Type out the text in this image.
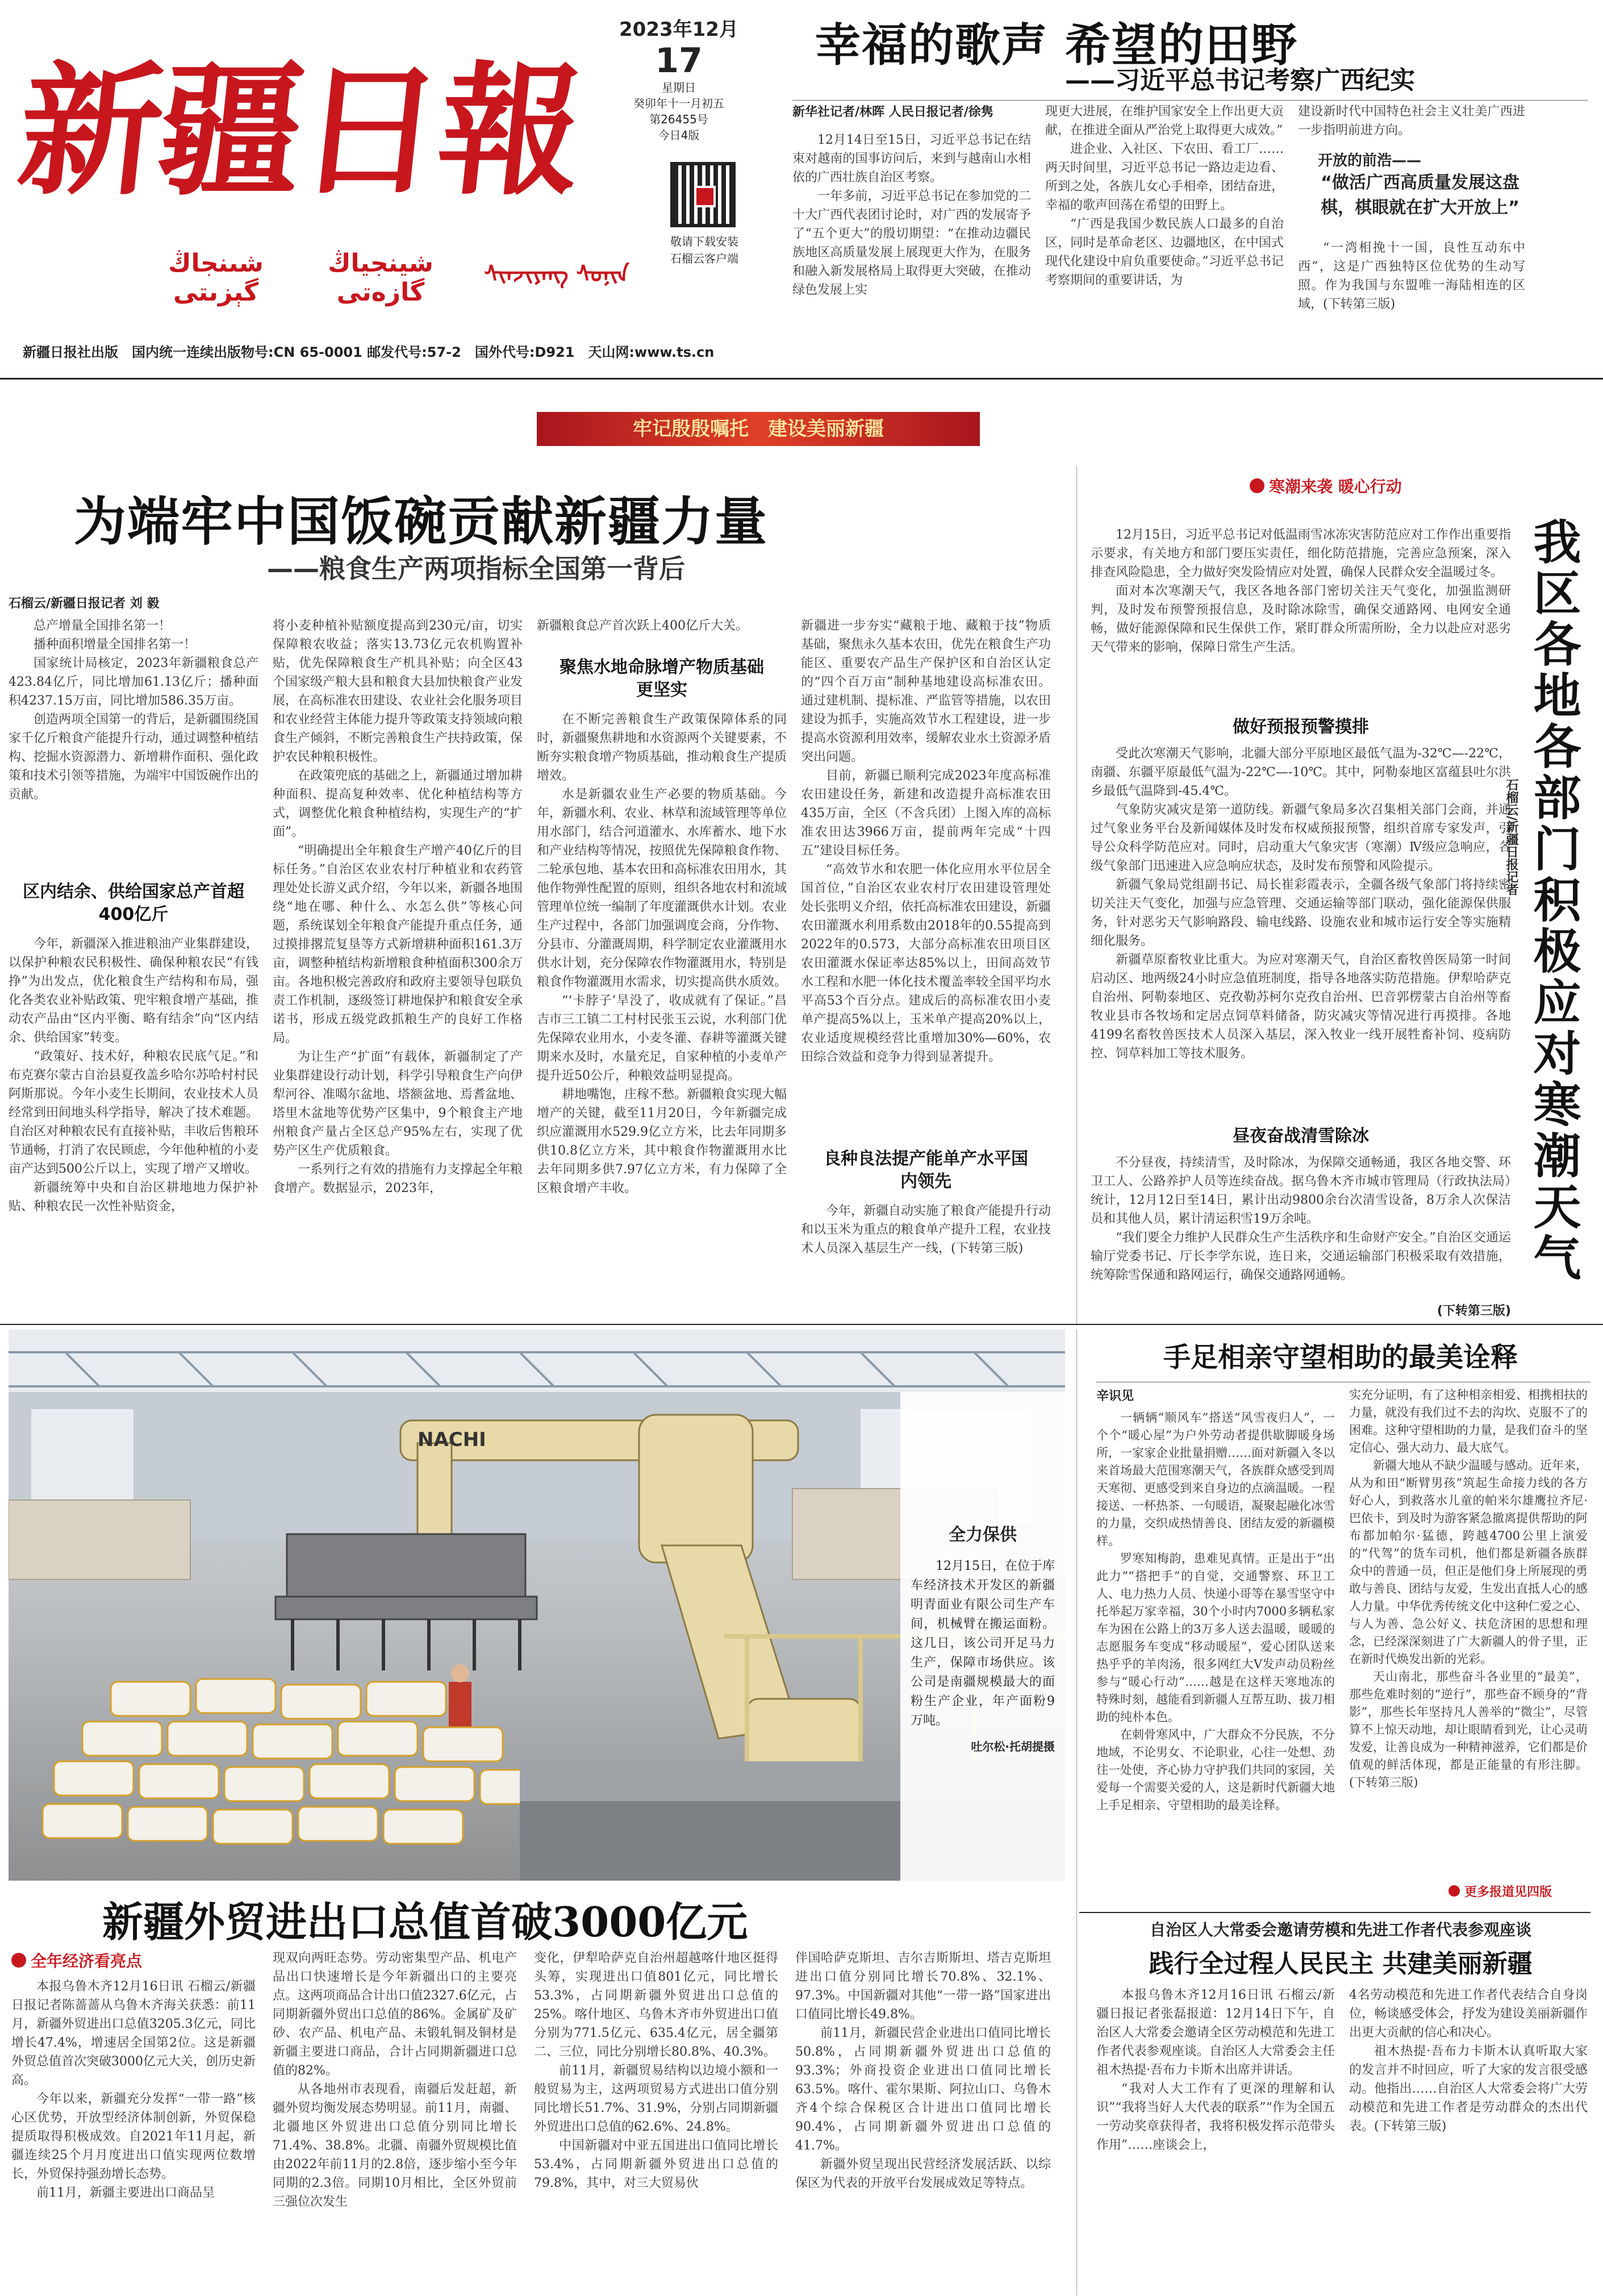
新疆日報
شىنجاڭ گېزىتى
شينجياڭ گازەتى
ᠰᠢᠨᠵᠢᠶᠠᠩ ᠰᠣᠨᠢᠨ
2023年12月
17
星期日
癸卯年十一月初五
第26455号
今日4版
敬请下载安装
石榴云客户端
新疆日报社出版　国内统一连续出版物号:CN 65-0001 邮发代号:57-2　国外代号:D921　天山网:www.ts.cn
幸福的歌声 希望的田野
——习近平总书记考察广西纪实
新华社记者/林晖 人民日报记者/徐隽

12月14日至15日，习近平总书记在结束对越南的国事访问后，来到与越南山水相依的广西壮族自治区考察。

一年多前，习近平总书记在参加党的二十大广西代表团讨论时，对广西的发展寄予了“五个更大”的殷切期望：“在推动边疆民族地区高质量发展上展现更大作为，在服务和融入新发展格局上取得更大突破，在推动绿色发展上实

现更大进展，在维护国家安全上作出更大贡献，在推进全面从严治党上取得更大成效。”

进企业、入社区、下农田、看工厂……两天时间里，习近平总书记一路边走边看、所到之处，各族儿女心手相牵，团结奋进，幸福的歌声回荡在希望的田野上。

“广西是我国少数民族人口最多的自治区，同时是革命老区、边疆地区，在中国式现代化建设中肩负重要使命。”习近平总书记考察期间的重要讲话，为

建设新时代中国特色社会主义壮美广西进一步指明前进方向。

开放的前浩——
“做活广西高质量发展这盘棋，棋眼就在扩大开放上”

“一湾相挽十一国，良性互动东中西”，这是广西独特区位优势的生动写照。作为我国与东盟唯一海陆相连的区域，(下转第三版)

牢记殷殷嘱托　建设美丽新疆
为端牢中国饭碗贡献新疆力量
——粮食生产两项指标全国第一背后
石榴云/新疆日报记者 刘 毅

总产增量全国排名第一！

播种面积增量全国排名第一！

国家统计局核定，2023年新疆粮食总产423.84亿斤，同比增加61.13亿斤；播种面积4237.15万亩，同比增加586.35万亩。

创造两项全国第一的背后，是新疆围绕国家千亿斤粮食产能提升行动，通过调整种植结构、挖掘水资源潜力、新增耕作面积、强化政策和技术引领等措施，为端牢中国饭碗作出的贡献。

区内结余、供给国家总产首超400亿斤

今年，新疆深入推进粮油产业集群建设，以保护种粮农民积极性、确保种粮农民“有钱挣”为出发点，优化粮食生产结构和布局，强化各类农业补贴政策、兜牢粮食增产基础，推动农产品由“区内平衡、略有结余”向“区内结余、供给国家”转变。

“政策好、技术好，种粮农民底气足。”和布克赛尔蒙古自治县夏孜盖乡哈尔苏哈村村民阿斯那说。今年小麦生长期间，农业技术人员经常到田间地头科学指导，解决了技术难题。自治区对种粮农民有直接补贴，丰收后售粮环节通畅，打消了农民顾虑，今年他种植的小麦亩产达到500公斤以上，实现了增产又增收。

新疆统筹中央和自治区耕地地力保护补贴、种粮农民一次性补贴资金，

将小麦种植补贴额度提高到230元/亩，切实保障粮农收益；落实13.73亿元农机购置补贴，优先保障粮食生产机具补贴；向全区43个国家级产粮大县和粮食大县加快粮食产业发展，在高标准农田建设、农业社会化服务项目和农业经营主体能力提升等政策支持领域向粮食生产倾斜，不断完善粮食生产扶持政策，保护农民种粮积极性。

在政策兜底的基础之上，新疆通过增加耕种面积、提高复种效率、优化种植结构等方式，调整优化粮食种植结构，实现生产的“扩面”。

“明确提出全年粮食生产增产40亿斤的目标任务。”自治区农业农村厅种植业和农药管理处处长游义武介绍，今年以来，新疆各地围绕“地在哪、种什么、水怎么供”等核心问题，系统谋划全年粮食产能提升重点任务，通过摸排撂荒复垦等方式新增耕种面积161.3万亩，调整种植结构新增粮食种植面积300余万亩。各地积极完善政府和政府主要领导包联负责工作机制，逐级签订耕地保护和粮食安全承诺书，形成五级党政抓粮生产的良好工作格局。

为让生产“扩面”有载体，新疆制定了产业集群建设行动计划，科学引导粮食生产向伊犁河谷、准噶尔盆地、塔额盆地、焉耆盆地、塔里木盆地等优势产区集中，9个粮食主产地州粮食产量占全区总产95%左右，实现了优势产区生产优质粮食。

一系列行之有效的措施有力支撑起全年粮食增产。数据显示，2023年，

新疆粮食总产首次跃上400亿斤大关。

聚焦水地命脉增产物质基础更坚实

在不断完善粮食生产政策保障体系的同时，新疆聚焦耕地和水资源两个关键要素，不断夯实粮食增产物质基础，推动粮食生产提质增效。

水是新疆农业生产必要的物质基础。今年，新疆水利、农业、林草和流域管理等单位用水部门，结合河道灌水、水库蓄水、地下水和产业结构等情况，按照优先保障粮食作物、二轮承包地、基本农田和高标准农田用水，其他作物弹性配置的原则，组织各地农村和流域管理单位统一编制了年度灌溉供水计划。农业生产过程中，各部门加强调度会商，分作物、分县市、分灌溉周期，科学制定农业灌溉用水供水计划，充分保障农作物灌溉用水，特别是粮食作物灌溉用水需求，切实提高供水质效。

“‘卡脖子’旱没了，收成就有了保证。”昌吉市三工镇二工村村民张玉云说，水利部门优先保障农业用水，小麦冬灌、春耕等灌溉关键期来水及时，水量充足，自家种植的小麦单产提升近50公斤，种粮效益明显提高。

耕地嘴饱，庄稼不愁。新疆粮食实现大幅增产的关键，截至11月20日，今年新疆完成织应灌溉用水529.9亿立方米，比去年同期多供10.8亿立方米，其中粮食作物灌溉用水比去年同期多供7.97亿立方米，有力保障了全区粮食增产丰收。

新疆进一步夯实“藏粮于地、藏粮于技”物质基础，聚焦永久基本农田，优先在粮食生产功能区、重要农产品生产保护区和自治区认定的“四个百万亩”制种基地建设高标准农田。通过建机制、提标准、严监管等措施，以农田建设为抓手，实施高效节水工程建设，进一步提高水资源利用效率，缓解农业水土资源矛盾突出问题。

目前，新疆已顺利完成2023年度高标准农田建设任务，新建和改造提升高标准农田435万亩，全区（不含兵团）上图入库的高标准农田达3966万亩，提前两年完成“十四五”建设目标任务。

“高效节水和农肥一体化应用水平位居全国首位，”自治区农业农村厅农田建设管理处处长张明义介绍，依托高标准农田建设，新疆农田灌溉水利用系数由2018年的0.55提高到2022年的0.573，大部分高标准农田项目区农田灌溉水保证率达85%以上，田间高效节水工程和水肥一体化技术覆盖率较全国平均水平高53个百分点。建成后的高标准农田小麦单产提高5%以上，玉米单产提高20%以上，农业适度规模经营比重增加30%—60%，农田综合效益和竞争力得到显著提升。

良种良法提产能单产水平国内领先

今年，新疆自动实施了粮食产能提升行动和以玉米为重点的粮食单产提升工程，农业技术人员深入基层生产一线，(下转第三版)

寒潮来袭 暖心行动

12月15日，习近平总书记对低温雨雪冰冻灾害防范应对工作作出重要指示要求，有关地方和部门要压实责任，细化防范措施，完善应急预案，深入排查风险隐患，全力做好突发险情应对处置，确保人民群众安全温暖过冬。

面对本次寒潮天气，我区各地各部门密切关注天气变化，加强监测研判，及时发布预警预报信息，及时除冰除雪，确保交通路网、电网安全通畅，做好能源保障和民生保供工作，紧盯群众所需所盼，全力以赴应对恶劣天气带来的影响，保障日常生产生活。

做好预报预警摸排

受此次寒潮天气影响，北疆大部分平原地区最低气温为-32℃—-22℃，南疆、东疆平原最低气温为-22℃—-10℃。其中，阿勒泰地区富蕴县吐尔洪乡最低气温降到-45.4℃。

气象防灾减灾是第一道防线。新疆气象局多次召集相关部门会商，并通过气象业务平台及新闻媒体及时发布权威预报预警，组织首席专家发声，引导公众科学防范应对。同时，启动重大气象灾害（寒潮）Ⅳ级应急响应，各级气象部门迅速进入应急响应状态，及时发布预警和风险提示。

新疆气象局党组副书记、局长崔彩霞表示，全疆各级气象部门将持续密切关注天气变化，加强与应急管理、交通运输等部门联动，强化能源保供服务，针对恶劣天气影响路段、输电线路、设施农业和城市运行安全等实施精细化服务。

新疆草原畜牧业比重大。为应对寒潮天气，自治区畜牧兽医局第一时间启动区、地两级24小时应急值班制度，指导各地落实防范措施。伊犁哈萨克自治州、阿勒泰地区、克孜勒苏柯尔克孜自治州、巴音郭楞蒙古自治州等畜牧业县市各牧场和定居点饲草料储备，防灾减灾等情况进行再摸排。各地4199名畜牧兽医技术人员深入基层，深入牧业一线开展牲畜补饲、疫病防控、饲草料加工等技术服务。

昼夜奋战清雪除冰

不分昼夜，持续清雪，及时除冰，为保障交通畅通，我区各地交警、环卫工人、公路养护人员等连续奋战。据乌鲁木齐市城市管理局（行政执法局）统计，12月12日至14日，累计出动9800余台次清雪设备，8万余人次保洁员和其他人员，累计清运积雪19万余吨。

“我们要全力维护人民群众生产生活秩序和生命财产安全。”自治区交通运输厅党委书记、厅长李学东说，连日来，交通运输部门积极采取有效措施，统筹除雪保通和路网运行，确保交通路网通畅。

(下转第三版)
我区各地各部门积极应对寒潮天气
石榴云/新疆日报记者
NACHI
全力保供
12月15日，在位于库车经济技术开发区的新疆明青面业有限公司生产车间，机械臂在搬运面粉。这几日，该公司开足马力生产，保障市场供应。该公司是南疆规模最大的面粉生产企业，年产面粉9万吨。
吐尔松·托胡提摄
手足相亲守望相助的最美诠释
辛识见

一辆辆“顺风车”搭送“风雪夜归人”，一个个“暖心屋”为户外劳动者提供歇脚暖身场所，一家家企业批量捐赠……面对新疆入冬以来首场最大范围寒潮天气，各族群众感受到周天寒彻、更感受到来自身边的点滴温暖。一程接送、一杯热茶、一句暖语，凝聚起融化冰雪的力量，交织成热情善良、团结友爱的新疆模样。

罗寒知梅韵，患难见真情。正是出于“出此力”“搭把手”的自觉，交通警察、环卫工人、电力热力人员、快递小哥等在暴雪坚守中托举起万家幸福，30个小时内7000多辆私家车为困在公路上的3万多人送去温暖，暖暖的志愿服务车变成“移动暖屋”，爱心团队送来热乎乎的羊肉汤，很多网红大V发声动员粉丝参与“暖心行动”……越是在这样天寒地冻的特殊时刻，越能看到新疆人互帮互助、拔刀相助的纯朴本色。

在刺骨寒风中，广大群众不分民族，不分地域，不论男女、不论职业，心往一处想、劲往一处使，齐心协力守护我们共同的家园，关爱每一个需要关爱的人，这是新时代新疆大地上手足相亲、守望相助的最美诠释。

实充分证明，有了这种相亲相爱、相携相扶的力量，就没有我们过不去的沟坎、克服不了的困难。这种守望相助的力量，是我们奋斗的坚定信心、强大动力、最大底气。

新疆大地从不缺少温暖与感动。近年来，从为和田“断臂男孩”筑起生命接力线的各方好心人，到救落水儿童的帕米尔雄鹰拉齐尼·巴依卡，到及时为游客紧急撤离提供帮助的阿布都加帕尔·猛德，跨越4700公里上演爱的“代驾”的货车司机，他们都是新疆各族群众中的普通一员，但正是他们身上所展现的勇敢与善良、团结与友爱，生发出直抵人心的感人力量。中华优秀传统文化中这种仁爱之心、与人为善、急公好义、扶危济困的思想和理念，已经深深刻进了广大新疆人的骨子里，正在新时代焕发出新的光彩。

天山南北，那些奋斗各业里的“最美”，那些危难时刻的“逆行”，那些奋不顾身的“背影”，那些长年坚持凡人善举的“微尘”，尽管算不上惊天动地，却让眼睛看到光，让心灵萌发爱，让善良成为一种精神滋养，它们都是价值观的鲜活体现，都是正能量的有形注脚。(下转第三版)

更多报道见四版
新疆外贸进出口总值首破3000亿元
全年经济看亮点

本报乌鲁木齐12月16日讯 石榴云/新疆日报记者陈蔷蔷从乌鲁木齐海关获悉：前11月，新疆外贸进出口总值3205.3亿元，同比增长47.4%，增速居全国第2位。这是新疆外贸总值首次突破3000亿元大关，创历史新高。

今年以来，新疆充分发挥“一带一路”核心区优势，开放型经济体制创新，外贸保稳提质取得积极成效。自2021年11月起，新疆连续25个月月度进出口值实现两位数增长，外贸保持强劲增长态势。

前11月，新疆主要进出口商品呈

现双向两旺态势。劳动密集型产品、机电产品出口快速增长是今年新疆出口的主要亮点。这两项商品合计出口值2327.6亿元，占同期新疆外贸出口总值的86%。金属矿及矿砂、农产品、机电产品、未锻轧铜及铜材是新疆主要进口商品，合计占同期新疆进口总值的82%。

从各地州市表现看，南疆后发赶超，新疆外贸均衡发展态势明显。前11月，南疆、北疆地区外贸进出口总值分别同比增长71.4%、38.8%。北疆、南疆外贸规模比值由2022年前11月的2.8倍，逐步缩小至今年同期的2.3倍。同期10月相比，全区外贸前三强位次发生

变化，伊犁哈萨克自治州超越喀什地区挺得头筹，实现进出口值801亿元，同比增长53.3%，占同期新疆外贸进出口总值的25%。喀什地区、乌鲁木齐市外贸进出口值分别为771.5亿元、635.4亿元，居全疆第二、三位，同比分别增长80.8%、40.3%。

前11月，新疆贸易结构以边境小额和一般贸易为主，这两项贸易方式进出口值分别同比增长51.7%、31.9%，分别占同期新疆外贸进出口总值的62.6%、24.8%。

中国新疆对中亚五国进出口值同比增长53.4%，占同期新疆外贸进出口总值的79.8%，其中，对三大贸易伙

伴国哈萨克斯坦、吉尔吉斯斯坦、塔吉克斯坦进出口值分别同比增长70.8%、32.1%、97.3%。中国新疆对其他“一带一路”国家进出口值同比增长49.8%。

前11月，新疆民营企业进出口值同比增长50.8%，占同期新疆外贸进出口总值的93.3%；外商投资企业进出口值同比增长63.5%。喀什、霍尔果斯、阿拉山口、乌鲁木齐4个综合保税区合计进出口值同比增长90.4%，占同期新疆外贸进出口总值的41.7%。

新疆外贸呈现出民营经济发展活跃、以综保区为代表的开放平台发展成效足等特点。

自治区人大常委会邀请劳模和先进工作者代表参观座谈
践行全过程人民民主 共建美丽新疆

本报乌鲁木齐12月16日讯 石榴云/新疆日报记者张磊报道：12月14日下午，自治区人大常委会邀请全区劳动模范和先进工作者代表参观座谈。自治区人大常委会主任祖木热提·吾布力卡斯木出席并讲话。

“我对人大工作有了更深的理解和认识”“我将当好人大代表的联系”“作为全国五一劳动奖章获得者，我将积极发挥示范带头作用”……座谈会上，

4名劳动模范和先进工作者代表结合自身岗位，畅谈感受体会，抒发为建设美丽新疆作出更大贡献的信心和决心。

祖木热提·吾布力卡斯木认真听取大家的发言并不时回应，听了大家的发言很受感动。他指出……自治区人大常委会将广大劳动模范和先进工作者是劳动群众的杰出代表。(下转第三版)
